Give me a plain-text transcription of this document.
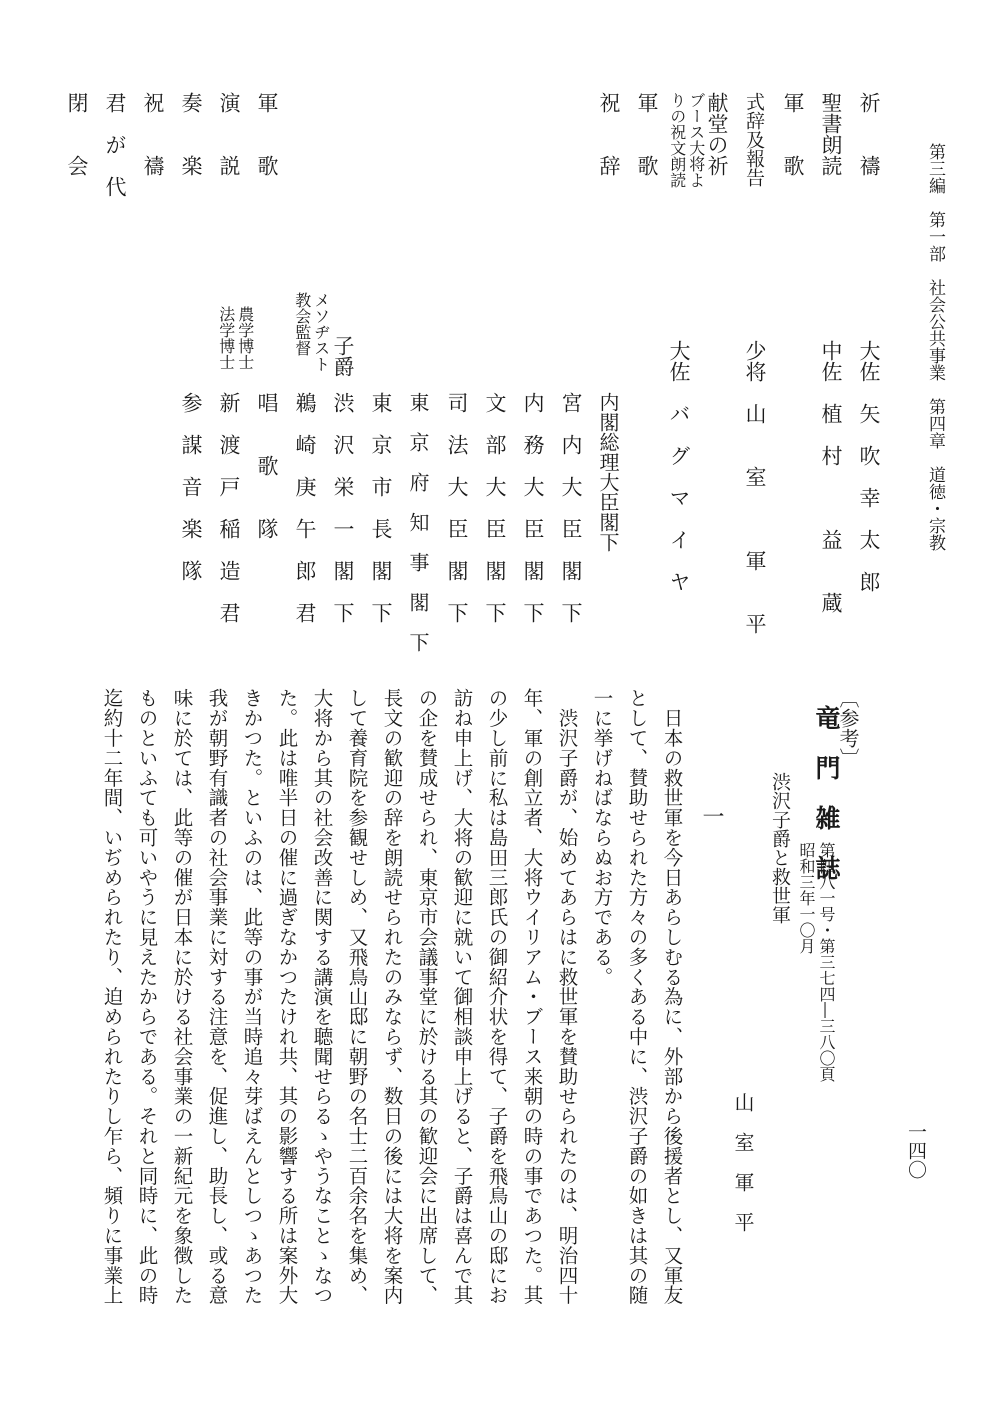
第三編　第一部　社会公共事業　第四章　道徳・宗教
一四〇
祈　　禱
聖書朗読
軍　　歌
式辞及報告
献堂の祈
ブース大将よ
りの祝文朗読
軍　　歌
祝　　辞
軍　　歌
演　　説
奏　　楽
祝　　禱
君　が　代
閉　　会
大佐　矢　吹　幸　太　郎
中佐　植　村　　　益　　蔵
少将　山　　室　　　軍　　平
大佐　バ　グ　マ　イ　ヤ
内閣総理大臣閣下
宮　内　大　臣　閣　下
内　務　大　臣　閣　下
文　部　大　臣　閣　下
司　法　大　臣　閣　下
東　京　府　知　事　閣　下
東　京　市　長　閣　下
子爵
渋　沢　栄　一　閣　下
メソヂスト
教会監督
鵜　崎　庚　午　郎　君
唱　　歌　　隊
農学博士
法学博士
新　渡　戸　稲　造　君
参　謀　音　楽　隊
〔参考〕
竜　門　雑　誌
第四八一号・第三七四―三八〇頁
昭和三年一〇月
渋沢子爵と救世軍
山　室　軍　平
一
　日本の救世軍を今日あらしむる為に、外部から後援者とし、又軍友
として、賛助せられた方々の多くある中に、渋沢子爵の如きは其の随
一に挙げねばならぬお方である。
　渋沢子爵が、始めてあらはに救世軍を賛助せられたのは、明治四十
年、軍の創立者、大将ウイリアム・ブース来朝の時の事であつた。其
の少し前に私は島田三郎氏の御紹介状を得て、子爵を飛鳥山の邸にお
訪ね申上げ、大将の歓迎に就いて御相談申上げると、子爵は喜んで其
の企を賛成せられ、東京市会議事堂に於ける其の歓迎会に出席して、
長文の歓迎の辞を朗読せられたのみならず、数日の後には大将を案内
して養育院を参観せしめ、又飛鳥山邸に朝野の名士二百余名を集め、
大将から其の社会改善に関する講演を聴聞せらるゝやうなことゝなつ
た。此は唯半日の催に過ぎなかつたけれ共、其の影響する所は案外大
きかつた。といふのは、此等の事が当時追々芽ばえんとしつゝあつた
我が朝野有識者の社会事業に対する注意を、促進し、助長し、或る意
味に於ては、此等の催が日本に於ける社会事業の一新紀元を象徴した
ものといふても可いやうに見えたからである。それと同時に、此の時
迄約十二年間、いぢめられたり、迫められたりし乍ら、頻りに事業上
